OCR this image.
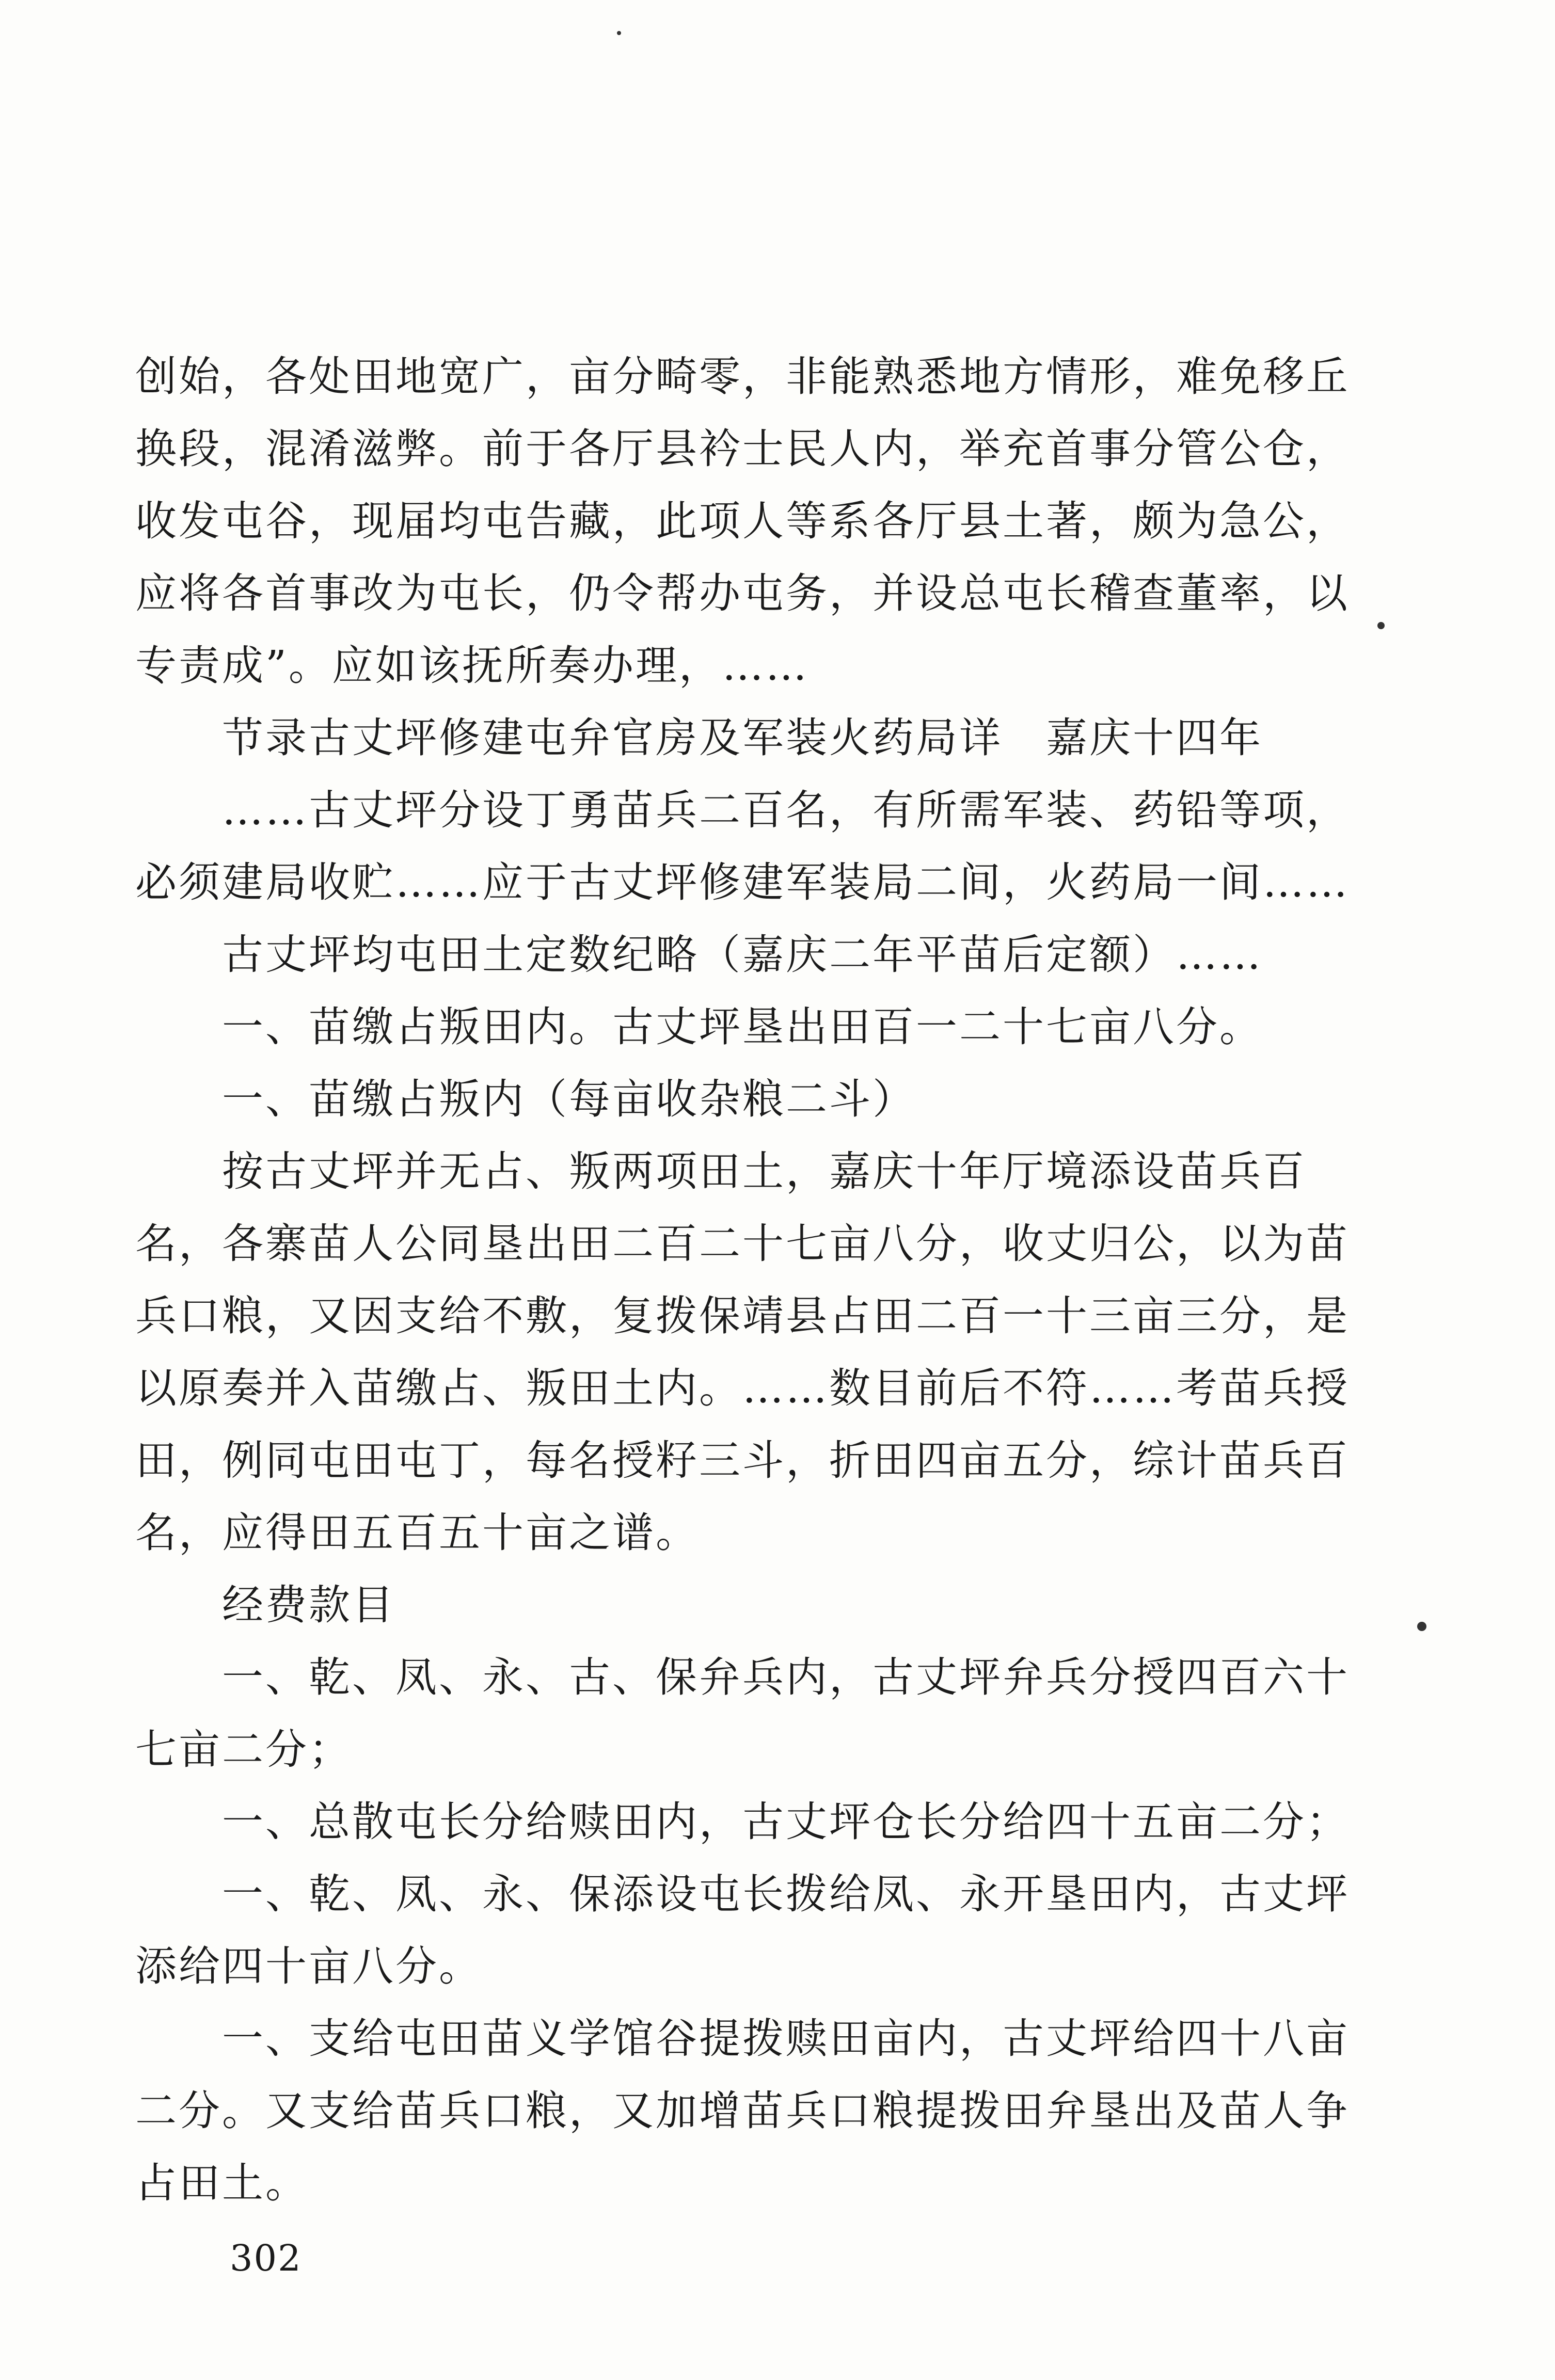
创始，各处田地宽广，亩分畸零，非能熟悉地方情形，难免移丘
换段，混淆滋弊。前于各厅县衿士民人内，举充首事分管公仓，
收发屯谷，现届均屯告藏，此项人等系各厅县土著，颇为急公，
应将各首事改为屯长，仍令帮办屯务，并设总屯长稽查董率，以
专责成”。应如该抚所奏办理，……
　　节录古丈坪修建屯弁官房及军装火药局详　嘉庆十四年
　　……古丈坪分设丁勇苗兵二百名，有所需军装、药铅等项，
必须建局收贮……应于古丈坪修建军装局二间，火药局一间……
　　古丈坪均屯田土定数纪略（嘉庆二年平苗后定额）……
　　一、苗缴占叛田内。古丈坪垦出田百一二十七亩八分。
　　一、苗缴占叛内（每亩收杂粮二斗）
　　按古丈坪并无占、叛两项田土，嘉庆十年厅境添设苗兵百
名，各寨苗人公同垦出田二百二十七亩八分，收丈归公，以为苗
兵口粮，又因支给不敷，复拨保靖县占田二百一十三亩三分，是
以原奏并入苗缴占、叛田土内。……数目前后不符……考苗兵授
田，例同屯田屯丁，每名授籽三斗，折田四亩五分，综计苗兵百
名，应得田五百五十亩之谱。
　　经费款目
　　一、乾、凤、永、古、保弁兵内，古丈坪弁兵分授四百六十
七亩二分；
　　一、总散屯长分给赎田内，古丈坪仓长分给四十五亩二分；
　　一、乾、凤、永、保添设屯长拨给凤、永开垦田内，古丈坪
添给四十亩八分。
　　一、支给屯田苗义学馆谷提拨赎田亩内，古丈坪给四十八亩
二分。又支给苗兵口粮，又加增苗兵口粮提拨田弁垦出及苗人争
占田土。
302
